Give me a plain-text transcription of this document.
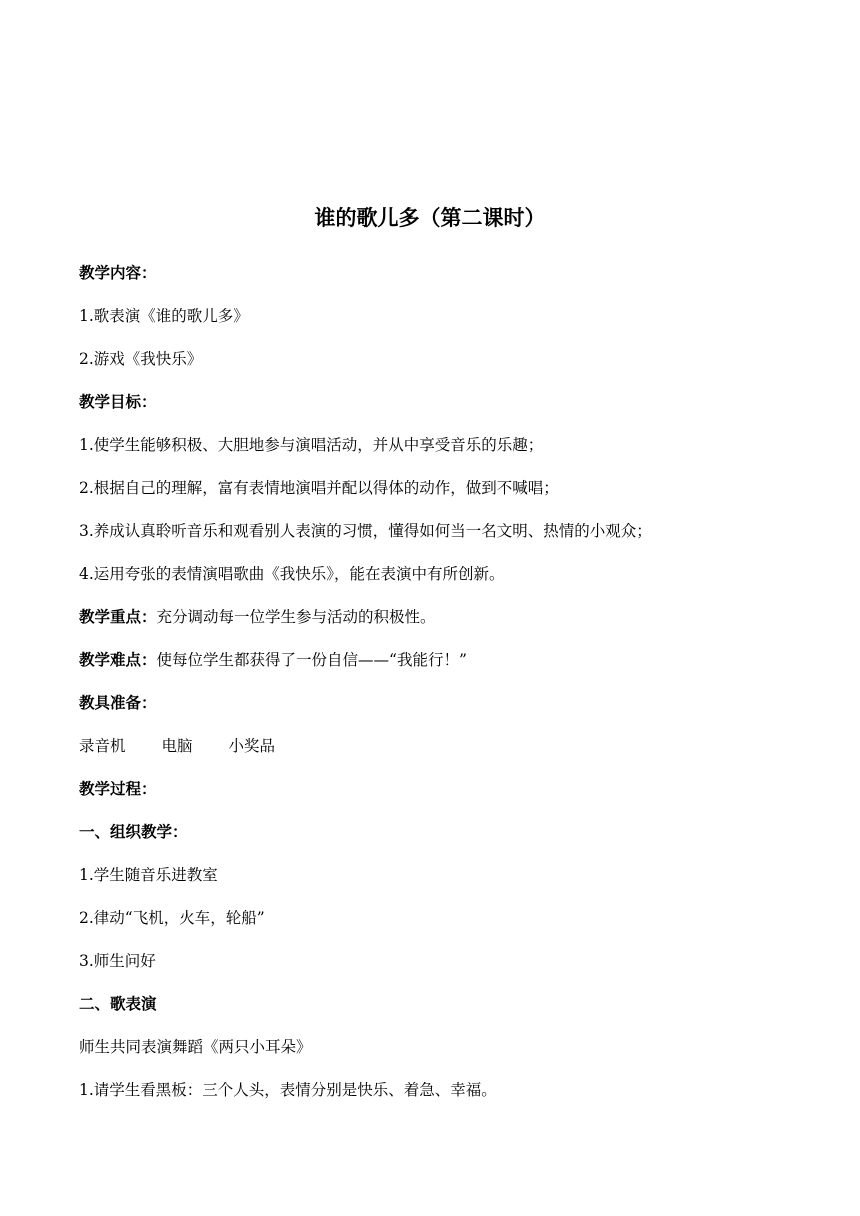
谁的歌儿多（第二课时）
教学内容：
1.歌表演《谁的歌儿多》
2.游戏《我快乐》
教学目标：
1.使学生能够积极、大胆地参与演唱活动，并从中享受音乐的乐趣；
2.根据自己的理解，富有表情地演唱并配以得体的动作，做到不喊唱；
3.养成认真聆听音乐和观看别人表演的习惯，懂得如何当一名文明、热情的小观众；
4.运用夸张的表情演唱歌曲《我快乐》，能在表演中有所创新。
教学重点：充分调动每一位学生参与活动的积极性。
教学难点：使每位学生都获得了一份自信——“我能行！”
教具准备：
录音机 电脑 小奖品
教学过程：
一、组织教学：
1.学生随音乐进教室
2.律动“飞机，火车，轮船”
3.师生问好
二、歌表演
师生共同表演舞蹈《两只小耳朵》
1.请学生看黑板：三个人头，表情分别是快乐、着急、幸福。
